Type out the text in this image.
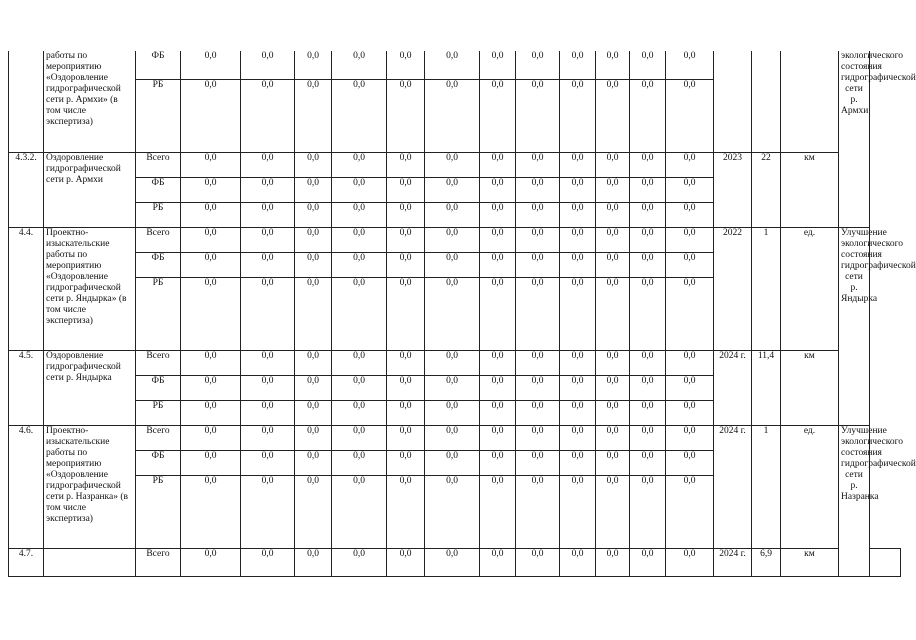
	работы по мероприятию «Оздоровление гидрографической сети р. Армхи» (в том числе экспертиза)	ФБ	0,0	0,0	0,0	0,0	0,0	0,0	0,0	0,0	0,0	0,0	0,0	0,0				экологического состояния гидрографической сети р. Армхи	
		РБ	0,0	0,0	0,0	0,0	0,0	0,0	0,0	0,0	0,0	0,0	0,0	0,0					
4.3.2.	Оздоровление гидрографической сети р. Армхи	Всего	0,0	0,0	0,0	0,0	0,0	0,0	0,0	0,0	0,0	0,0	0,0	0,0	2023	22	км		
		ФБ	0,0	0,0	0,0	0,0	0,0	0,0	0,0	0,0	0,0	0,0	0,0	0,0					
		РБ	0,0	0,0	0,0	0,0	0,0	0,0	0,0	0,0	0,0	0,0	0,0	0,0					
4.4.	Проектно-изыскательские работы по мероприятию «Оздоровление гидрографической сети р. Яндырка» (в том числе экспертиза)	Всего	0,0	0,0	0,0	0,0	0,0	0,0	0,0	0,0	0,0	0,0	0,0	0,0	2022	1	ед.	Улучшение экологического состояния гидрографической сети р. Яндырка	
		ФБ	0,0	0,0	0,0	0,0	0,0	0,0	0,0	0,0	0,0	0,0	0,0	0,0					
		РБ	0,0	0,0	0,0	0,0	0,0	0,0	0,0	0,0	0,0	0,0	0,0	0,0					
4.5.	Оздоровление гидрографической сети р. Яндырка	Всего	0,0	0,0	0,0	0,0	0,0	0,0	0,0	0,0	0,0	0,0	0,0	0,0	2024 г.	11,4	км		
		ФБ	0,0	0,0	0,0	0,0	0,0	0,0	0,0	0,0	0,0	0,0	0,0	0,0					
		РБ	0,0	0,0	0,0	0,0	0,0	0,0	0,0	0,0	0,0	0,0	0,0	0,0					
4.6.	Проектно-изыскательские работы по мероприятию «Оздоровление гидрографической сети р. Назранка» (в том числе экспертиза)	Всего	0,0	0,0	0,0	0,0	0,0	0,0	0,0	0,0	0,0	0,0	0,0	0,0	2024 г.	1	ед.	Улучшение экологического состояния гидрографической сети р. Назранка	
		ФБ	0,0	0,0	0,0	0,0	0,0	0,0	0,0	0,0	0,0	0,0	0,0	0,0					
		РБ	0,0	0,0	0,0	0,0	0,0	0,0	0,0	0,0	0,0	0,0	0,0	0,0					
4.7.		Всего	0,0	0,0	0,0	0,0	0,0	0,0	0,0	0,0	0,0	0,0	0,0	0,0	2024 г.	6,9	км		
